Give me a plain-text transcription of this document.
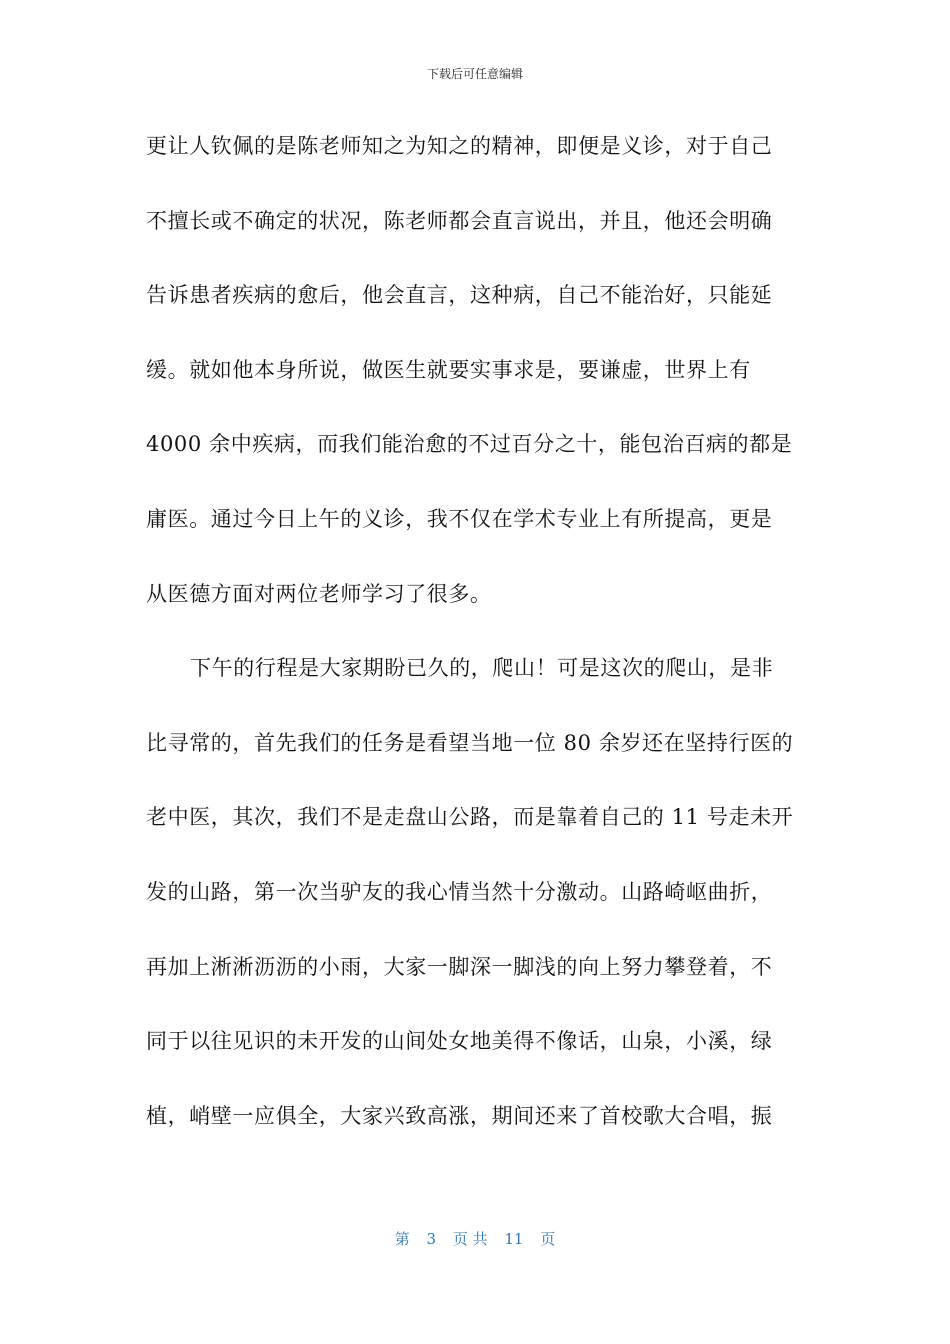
下载后可任意编辑
更让人钦佩的是陈老师知之为知之的精神，即便是义诊，对于自己
不擅长或不确定的状况，陈老师都会直言说出，并且，他还会明确
告诉患者疾病的愈后，他会直言，这种病，自己不能治好，只能延
缓。就如他本身所说，做医生就要实事求是，要谦虚，世界上有
4000 余中疾病，而我们能治愈的不过百分之十，能包治百病的都是
庸医。通过今日上午的义诊，我不仅在学术专业上有所提高，更是
从医德方面对两位老师学习了很多。
下午的行程是大家期盼已久的，爬山！可是这次的爬山，是非
比寻常的，首先我们的任务是看望当地一位 80 余岁还在坚持行医的
老中医，其次，我们不是走盘山公路，而是靠着自己的 11 号走未开
发的山路，第一次当驴友的我心情当然十分激动。山路崎岖曲折，
再加上淅淅沥沥的小雨，大家一脚深一脚浅的向上努力攀登着，不
同于以往见识的未开发的山间处女地美得不像话，山泉，小溪，绿
植，峭壁一应俱全，大家兴致高涨，期间还来了首校歌大合唱，振
第 3 页 共 11 页
